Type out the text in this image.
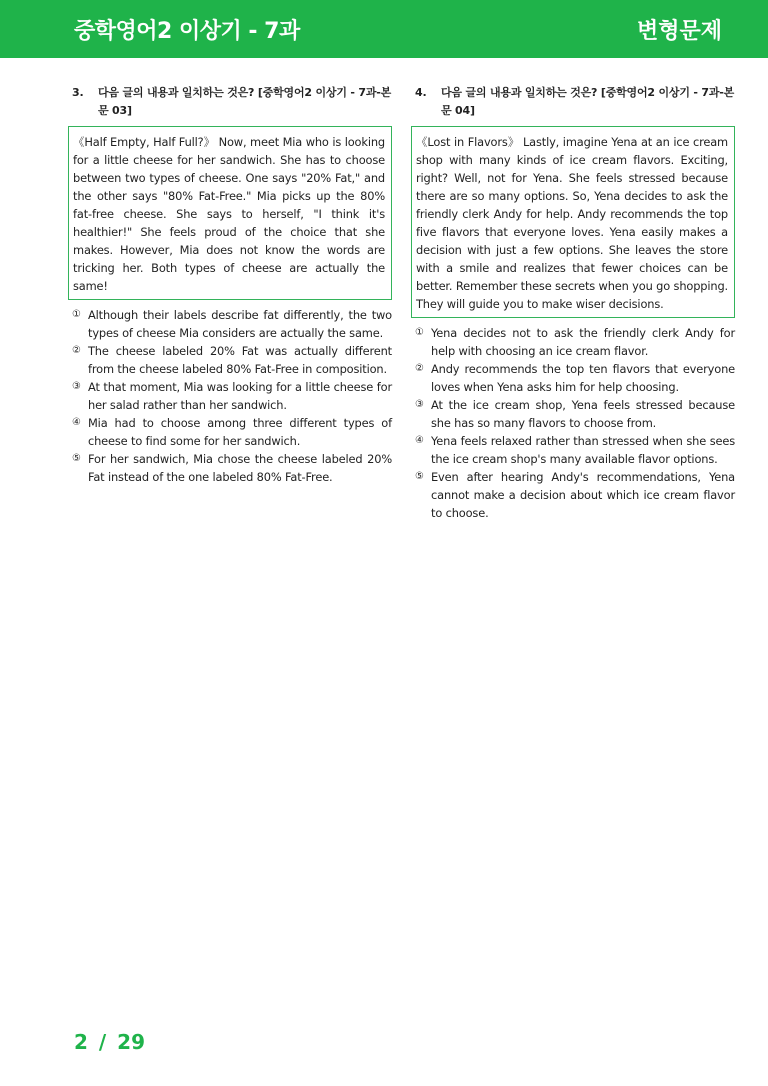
중학영어2 이상기 - 7과	변형문제
3.	다음 글의 내용과 일치하는 것은? [중학영어2 이상기 - 7과-본문 03]
《Half Empty, Half Full?》 Now, meet Mia who is looking for a little cheese for her sandwich. She has to choose between two types of cheese. One says "20% Fat," and the other says "80% Fat-Free." Mia picks up the 80% fat-free cheese. She says to herself, "I think it's healthier!" She feels proud of the choice that she makes. However, Mia does not know the words are tricking her. Both types of cheese are actually the same!
① Although their labels describe fat differently, the two types of cheese Mia considers are actually the same.
② The cheese labeled 20% Fat was actually different from the cheese labeled 80% Fat-Free in composition.
③ At that moment, Mia was looking for a little cheese for her salad rather than her sandwich.
④ Mia had to choose among three different types of cheese to find some for her sandwich.
⑤ For her sandwich, Mia chose the cheese labeled 20% Fat instead of the one labeled 80% Fat-Free.
4.	다음 글의 내용과 일치하는 것은? [중학영어2 이상기 - 7과-본문 04]
《Lost in Flavors》 Lastly, imagine Yena at an ice cream shop with many kinds of ice cream flavors. Exciting, right? Well, not for Yena. She feels stressed because there are so many options. So, Yena decides to ask the friendly clerk Andy for help. Andy recommends the top five flavors that everyone loves. Yena easily makes a decision with just a few options. She leaves the store with a smile and realizes that fewer choices can be better. Remember these secrets when you go shopping. They will guide you to make wiser decisions.
① Yena decides not to ask the friendly clerk Andy for help with choosing an ice cream flavor.
② Andy recommends the top ten flavors that everyone loves when Yena asks him for help choosing.
③ At the ice cream shop, Yena feels stressed because she has so many flavors to choose from.
④ Yena feels relaxed rather than stressed when she sees the ice cream shop's many available flavor options.
⑤ Even after hearing Andy's recommendations, Yena cannot make a decision about which ice cream flavor to choose.
2 / 29
